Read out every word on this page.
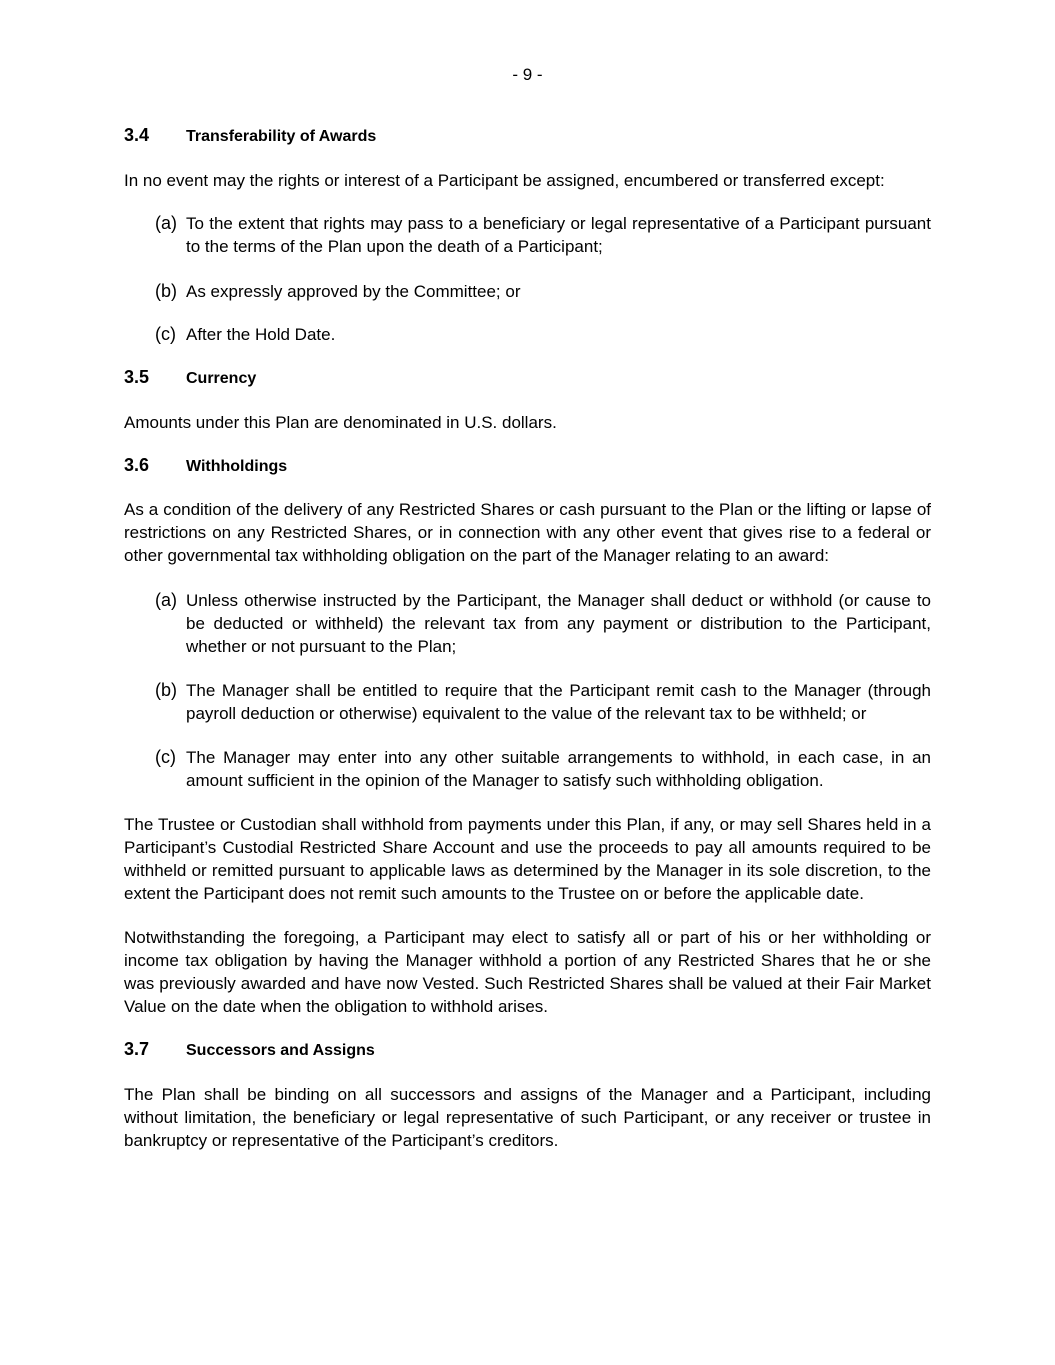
- 9 -
3.4 Transferability of Awards
In no event may the rights or interest of a Participant be assigned, encumbered or transferred except:
(a) To the extent that rights may pass to a beneficiary or legal representative of a Participant pursuant to the terms of the Plan upon the death of a Participant;
(b) As expressly approved by the Committee; or
(c) After the Hold Date.
3.5 Currency
Amounts under this Plan are denominated in U.S. dollars.
3.6 Withholdings
As a condition of the delivery of any Restricted Shares or cash pursuant to the Plan or the lifting or lapse of restrictions on any Restricted Shares, or in connection with any other event that gives rise to a federal or other governmental tax withholding obligation on the part of the Manager relating to an award:
(a) Unless otherwise instructed by the Participant, the Manager shall deduct or withhold (or cause to be deducted or withheld) the relevant tax from any payment or distribution to the Participant, whether or not pursuant to the Plan;
(b) The Manager shall be entitled to require that the Participant remit cash to the Manager (through payroll deduction or otherwise) equivalent to the value of the relevant tax to be withheld; or
(c) The Manager may enter into any other suitable arrangements to withhold, in each case, in an amount sufficient in the opinion of the Manager to satisfy such withholding obligation.
The Trustee or Custodian shall withhold from payments under this Plan, if any, or may sell Shares held in a Participant’s Custodial Restricted Share Account and use the proceeds to pay all amounts required to be withheld or remitted pursuant to applicable laws as determined by the Manager in its sole discretion, to the extent the Participant does not remit such amounts to the Trustee on or before the applicable date.
Notwithstanding the foregoing, a Participant may elect to satisfy all or part of his or her withholding or income tax obligation by having the Manager withhold a portion of any Restricted Shares that he or she was previously awarded and have now Vested. Such Restricted Shares shall be valued at their Fair Market Value on the date when the obligation to withhold arises.
3.7 Successors and Assigns
The Plan shall be binding on all successors and assigns of the Manager and a Participant, including without limitation, the beneficiary or legal representative of such Participant, or any receiver or trustee in bankruptcy or representative of the Participant’s creditors.
